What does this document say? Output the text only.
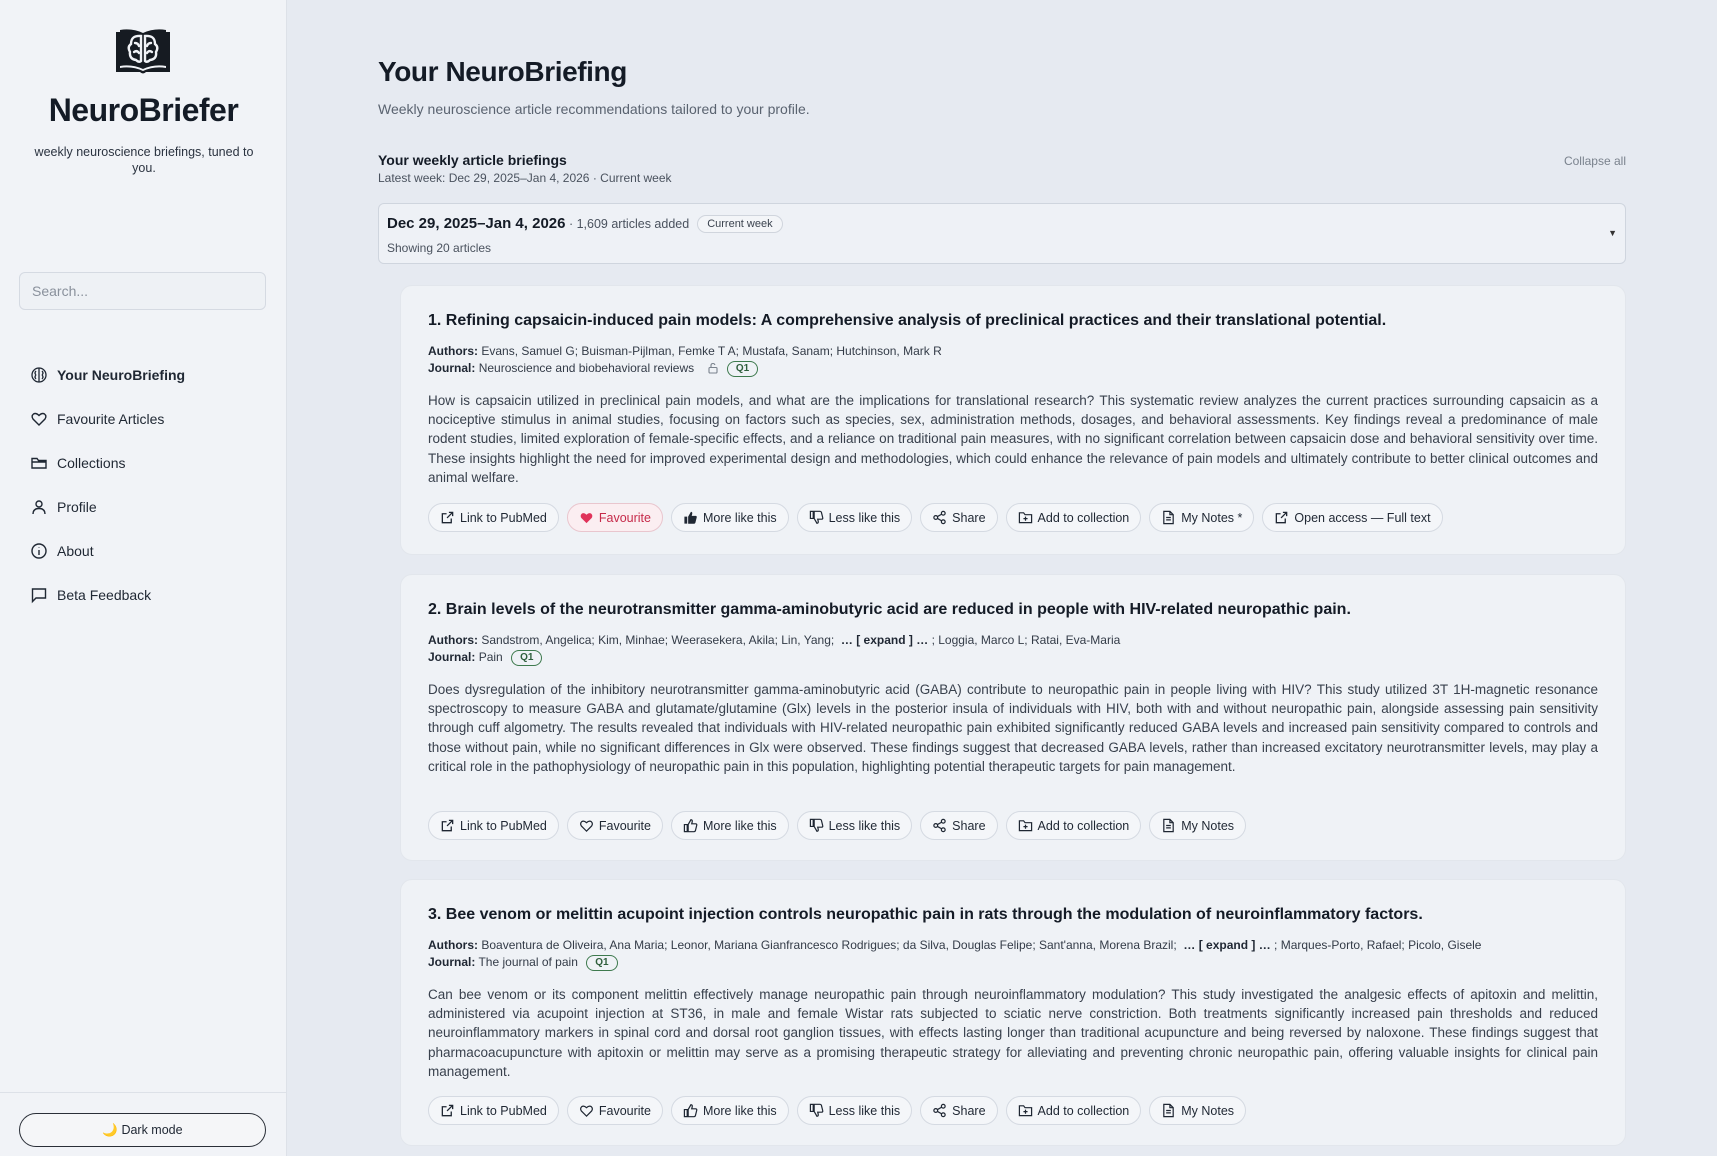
NeuroBriefer
weekly neuroscience briefings, tuned to you.
Search...
Your NeuroBriefing
Favourite Articles
Collections
Profile
About
Beta Feedback
🌙 Dark mode
Your NeuroBriefing
Weekly neuroscience article recommendations tailored to your profile.
Your weekly article briefings
Latest week: Dec 29, 2025–Jan 4, 2026 · Current week
Collapse all
Dec 29, 2025–Jan 4, 2026 · 1,609 articles added Current week
Showing 20 articles
▼
1. Refining capsaicin-induced pain models: A comprehensive analysis of preclinical practices and their translational potential.
Authors: Evans, Samuel G; Buisman-Pijlman, Femke T A; Mustafa, Sanam; Hutchinson, Mark R
Journal: Neuroscience and biobehavioral reviews	Q1

How is capsaicin utilized in preclinical pain models, and what are the implications for translational research? This systematic review analyzes the current practices surrounding capsaicin as a nociceptive stimulus in animal studies, focusing on factors such as species, sex, administration methods, dosages, and behavioral assessments. Key findings reveal a predominance of male rodent studies, limited exploration of female-specific effects, and a reliance on traditional pain measures, with no significant correlation between capsaicin dose and behavioral sensitivity over time. These insights highlight the need for improved experimental design and methodologies, which could enhance the relevance of pain models and ultimately contribute to better clinical outcomes and animal welfare.

Link to PubMed	Favourite	More like this	Less like this	Share	Add to collection	My Notes *	Open access — Full text
2. Brain levels of the neurotransmitter gamma-aminobutyric acid are reduced in people with HIV-related neuropathic pain.
Authors: Sandstrom, Angelica; Kim, Minhae; Weerasekera, Akila; Lin, Yang; … [ expand ] … ; Loggia, Marco L; Ratai, Eva-Maria
Journal: Pain Q1

Does dysregulation of the inhibitory neurotransmitter gamma-aminobutyric acid (GABA) contribute to neuropathic pain in people living with HIV? This study utilized 3T 1H-magnetic resonance spectroscopy to measure GABA and glutamate/glutamine (Glx) levels in the posterior insula of individuals with HIV, both with and without neuropathic pain, alongside assessing pain sensitivity through cuff algometry. The results revealed that individuals with HIV-related neuropathic pain exhibited significantly reduced GABA levels and increased pain sensitivity compared to controls and those without pain, while no significant differences in Glx were observed. These findings suggest that decreased GABA levels, rather than increased excitatory neurotransmitter levels, may play a critical role in the pathophysiology of neuropathic pain in this population, highlighting potential therapeutic targets for pain management.

Link to PubMed	Favourite	More like this	Less like this	Share	Add to collection	My Notes
3. Bee venom or melittin acupoint injection controls neuropathic pain in rats through the modulation of neuroinflammatory factors.
Authors: Boaventura de Oliveira, Ana Maria; Leonor, Mariana Gianfrancesco Rodrigues; da Silva, Douglas Felipe; Sant'anna, Morena Brazil; … [ expand ] … ; Marques-Porto, Rafael; Picolo, Gisele
Journal: The journal of pain Q1

Can bee venom or its component melittin effectively manage neuropathic pain through neuroinflammatory modulation? This study investigated the analgesic effects of apitoxin and melittin, administered via acupoint injection at ST36, in male and female Wistar rats subjected to sciatic nerve constriction. Both treatments significantly increased pain thresholds and reduced neuroinflammatory markers in spinal cord and dorsal root ganglion tissues, with effects lasting longer than traditional acupuncture and being reversed by naloxone. These findings suggest that pharmacoacupuncture with apitoxin or melittin may serve as a promising therapeutic strategy for alleviating and preventing chronic neuropathic pain, offering valuable insights for clinical pain management.

Link to PubMed	Favourite	More like this	Less like this	Share	Add to collection	My Notes
